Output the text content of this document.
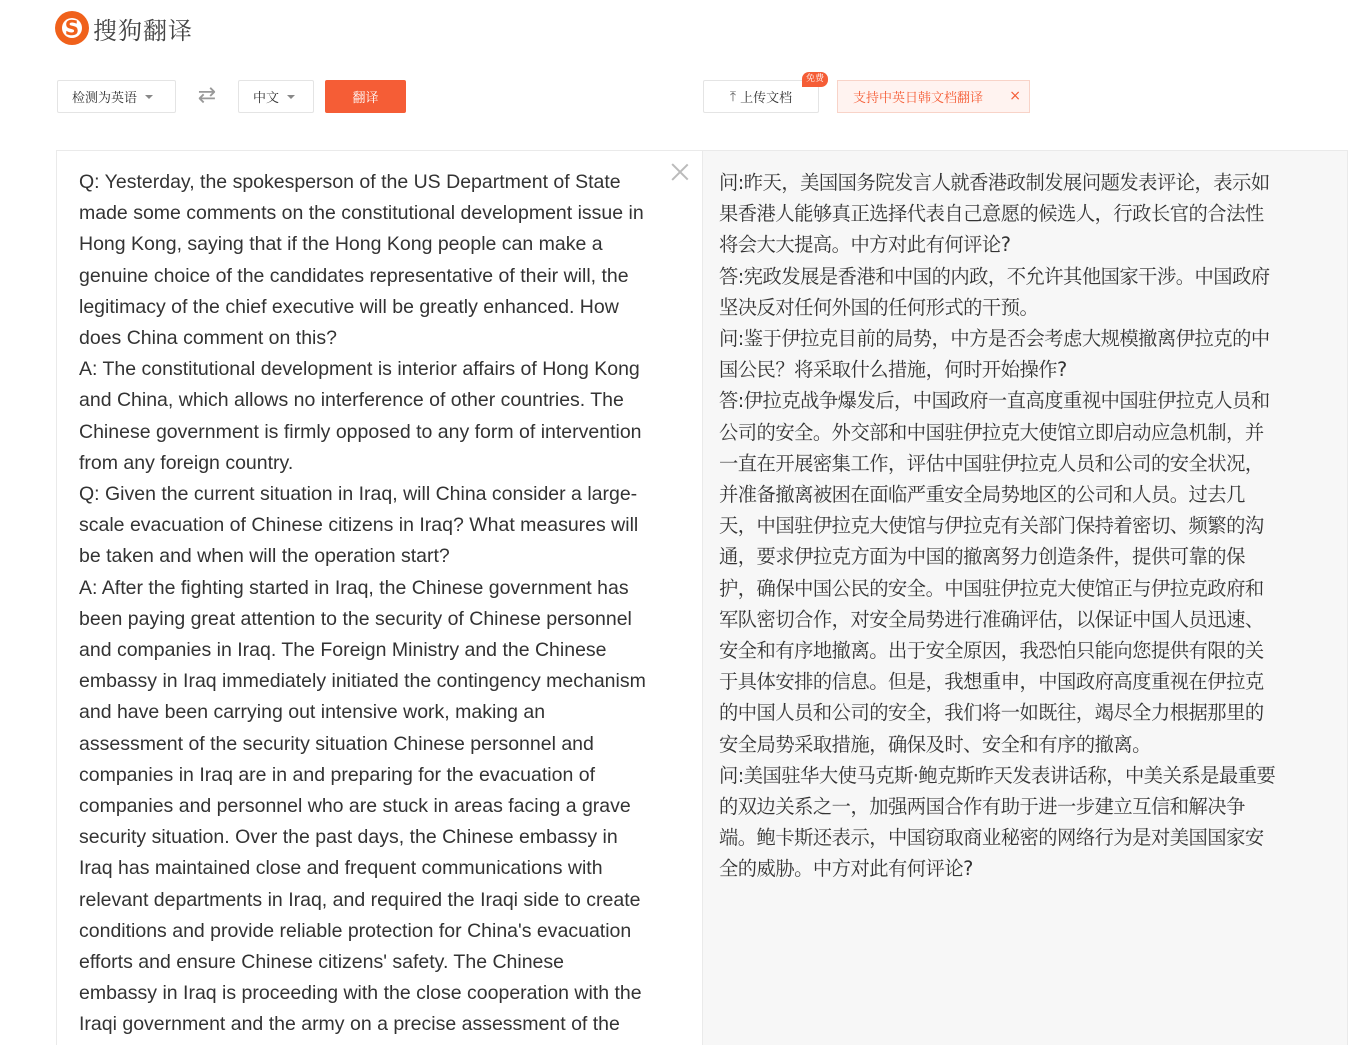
S
搜狗翻译
检测为英语	⇄	中文	翻译	⤒ 上传文档
免费
支持中英日韩文档翻译 ×
Q: Yesterday, the spokesperson of the US Department of State
made some comments on the constitutional development issue in
Hong Kong, saying that if the Hong Kong people can make a
genuine choice of the candidates representative of their will, the
legitimacy of the chief executive will be greatly enhanced. How
does China comment on this?
A: The constitutional development is interior affairs of Hong Kong
and China, which allows no interference of other countries. The
Chinese government is firmly opposed to any form of intervention
from any foreign country.
Q: Given the current situation in Iraq, will China consider a large-
scale evacuation of Chinese citizens in Iraq? What measures will
be taken and when will the operation start?
A: After the fighting started in Iraq, the Chinese government has
been paying great attention to the security of Chinese personnel
and companies in Iraq. The Foreign Ministry and the Chinese
embassy in Iraq immediately initiated the contingency mechanism
and have been carrying out intensive work, making an
assessment of the security situation Chinese personnel and
companies in Iraq are in and preparing for the evacuation of
companies and personnel who are stuck in areas facing a grave
security situation. Over the past days, the Chinese embassy in
Iraq has maintained close and frequent communications with
relevant departments in Iraq, and required the Iraqi side to create
conditions and provide reliable protection for China's evacuation
efforts and ensure Chinese citizens' safety. The Chinese
embassy in Iraq is proceeding with the close cooperation with the
Iraqi government and the army on a precise assessment of the
问:昨天，美国国务院发言人就香港政制发展问题发表评论，表示如
果香港人能够真正选择代表自己意愿的候选人，行政长官的合法性
将会大大提高。中方对此有何评论?
答:宪政发展是香港和中国的内政，不允许其他国家干涉。中国政府
坚决反对任何外国的任何形式的干预。
问:鉴于伊拉克目前的局势，中方是否会考虑大规模撤离伊拉克的中
国公民？将采取什么措施，何时开始操作?
答:伊拉克战争爆发后，中国政府一直高度重视中国驻伊拉克人员和
公司的安全。外交部和中国驻伊拉克大使馆立即启动应急机制，并
一直在开展密集工作，评估中国驻伊拉克人员和公司的安全状况，
并准备撤离被困在面临严重安全局势地区的公司和人员。过去几
天，中国驻伊拉克大使馆与伊拉克有关部门保持着密切、频繁的沟
通，要求伊拉克方面为中国的撤离努力创造条件，提供可靠的保
护，确保中国公民的安全。中国驻伊拉克大使馆正与伊拉克政府和
军队密切合作，对安全局势进行准确评估，以保证中国人员迅速、
安全和有序地撤离。出于安全原因，我恐怕只能向您提供有限的关
于具体安排的信息。但是，我想重申，中国政府高度重视在伊拉克
的中国人员和公司的安全，我们将一如既往，竭尽全力根据那里的
安全局势采取措施，确保及时、安全和有序的撤离。
问:美国驻华大使马克斯·鲍克斯昨天发表讲话称，中美关系是最重要
的双边关系之一，加强两国合作有助于进一步建立互信和解决争
端。鲍卡斯还表示，中国窃取商业秘密的网络行为是对美国国家安
全的威胁。中方对此有何评论?
